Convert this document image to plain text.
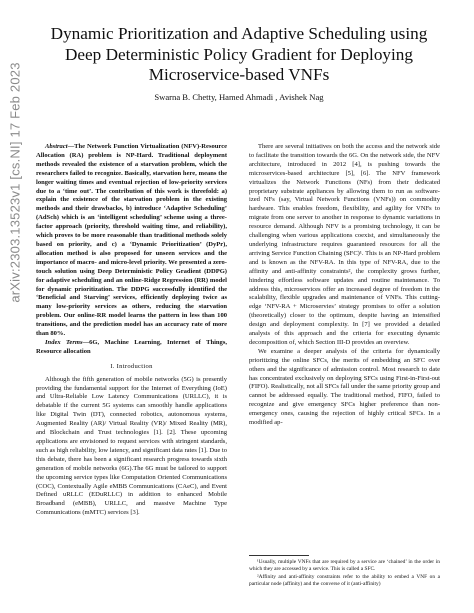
arXiv:2303.13523v1 [cs.NI] 17 Feb 2023
Dynamic Prioritization and Adaptive Scheduling using Deep Deterministic Policy Gradient for Deploying Microservice-based VNFs
Swarna B. Chetty, Hamed Ahmadi , Avishek Nag

Abstract—The Network Function Virtualization (NFV)-Resource Allocation (RA) problem is NP-Hard. Traditional deployment methods revealed the existence of a starvation problem, which the researchers failed to recognize. Basically, starvation here, means the longer waiting times and eventual rejection of low-priority services due to a ‘time out’. The contribution of this work is threefold: a) explain the existence of the starvation problem in the existing methods and their drawbacks, b) introduce ‘Adaptive Scheduling’ (AdSch) which is an ‘intelligent scheduling’ scheme using a three-factor approach (priority, threshold waiting time, and reliability), which proves to be more reasonable than traditional methods solely based on priority, and c) a ‘Dynamic Prioritization’ (DyPr), allocation method is also proposed for unseen services and the importance of macro- and micro-level priority. We presented a zero-touch solution using Deep Deterministic Policy Gradient (DDPG) for adaptive scheduling and an online-Ridge Regression (RR) model for dynamic prioritization. The DDPG successfully identified the ‘Beneficial and Starving’ services, efficiently deploying twice as many low-priority services as others, reducing the starvation problem. Our online-RR model learns the pattern in less than 100 transitions, and the prediction model has an accuracy rate of more than 80%.

Index Terms—6G, Machine Learning, Internet of Things, Resource allocation

I. Introduction

Although the fifth generation of mobile networks (5G) is presently providing the fundamental support for the Internet of Everything (IoE) and Ultra-Reliable Low Latency Communications (URLLC), it is debatable if the current 5G systems can smoothly handle applications like Digital Twin (DT), connected robotics, autonomous systems, Augmented Reality (AR)/ Virtual Reality (VR)/ Mixed Reality (MR), and Blockchain and Trust technologies [1]. [2]. These upcoming applications are envisioned to request services with stringent standards, such as high reliability, low latency, and significant data rates [1]. Due to this debate, there has been a significant research progress towards sixth generation of mobile networks (6G).The 6G must be tailored to support the upcoming service types like Computation Oriented Communications (COC), Contextually Agile eMBB Communications (CAeC), and Event Defined uRLLC (EDuRLLC) in addition to enhanced Mobile Broadband (eMBB), URLLC, and massive Machine Type Communications (mMTC) services [3].

There are several initiatives on both the access and the network side to facilitate the transition towards the 6G. On the network side, the NFV architecture, introduced in 2012 [4], is pushing towards the microservices-based architecture [5], [6]. The NFV framework virtualizes the Network Functions (NFs) from their dedicated proprietary substrate appliances by allowing them to run as software-ized NFs (say, Virtual Network Functions (VNFs)) on commodity hardware. This enables freedom, flexibility, and agility for VNFs to migrate from one server to another in response to dynamic variations in resource demand. Although NFV is a promising technology, it can be challenging when various applications coexist, and simultaneously the underlying infrastructure requires guaranteed resources for all the arriving Service Function Chaining (SFC)¹. This is an NP-Hard problem and is known as the NFV-RA. In this type of NFV-RA, due to the affinity and anti-affinity constraints², the complexity grows further, hindering effortless software updates and routine maintenance. To address this, microservices offer an increased degree of freedom in the scalability, flexible upgrades and maintenance of VNFs. This cutting-edge ‘NFV-RA + Microservies’ strategy promises to offer a solution (theoretically) closer to the optimum, despite having an intensified design and deployment complexity. In [7] we provided a detailed analysis of this approach and the criteria for executing dynamic decomposition of, which Section III-D provides an overview.

We examine a deeper analysis of the criteria for dynamically prioritizing the online SFCs, the merits of embedding an SFC over others and the significance of admission control. Most research to date has concentrated exclusively on deploying SFCs using First-in-First-out (FIFO). Realistically, not all SFCs fall under the same priority group and cannot be addressed equally. The traditional method, FIFO, failed to recognize and give emergency SFCs higher preference than non-emergency ones, causing the rejection of highly critical SFCs. In a modified ap-

¹Usually, multiple VNFs that are required by a service are ‘chained’ in the order in which they are accessed by a service. This is called a SFC.

²Affinity and anti-affinity constraints refer to the ability to embed a VNF on a particular node (affinity) and the converse of it (anti-affinity)
